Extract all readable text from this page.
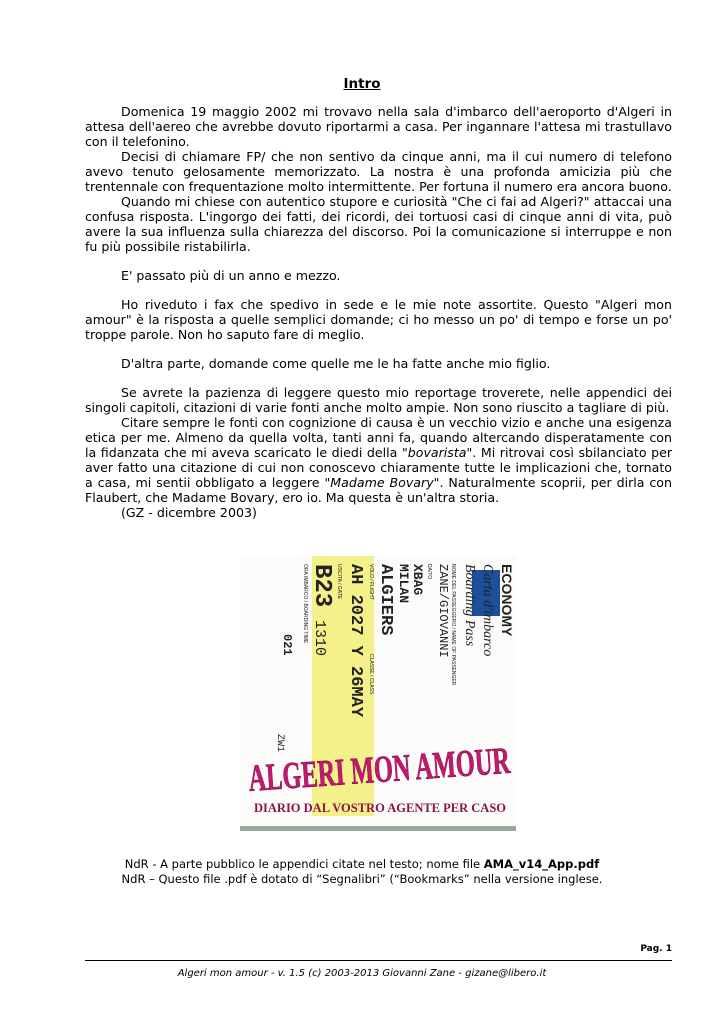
Intro

Domenica 19 maggio 2002 mi trovavo nella sala d'imbarco dell'aeroporto d'Algeri in attesa dell'aereo che avrebbe dovuto riportarmi a casa. Per ingannare l'attesa mi trastullavo con il telefonino.

Decisi di chiamare FP/ che non sentivo da cinque anni, ma il cui numero di telefono avevo tenuto gelosamente memorizzato. La nostra è una profonda amicizia più che trentennale con frequentazione molto intermittente. Per fortuna il numero era ancora buono.

Quando mi chiese con autentico stupore e curiosità "Che ci fai ad Algeri?" attaccai una confusa risposta. L'ingorgo dei fatti, dei ricordi, dei tortuosi casi di cinque anni di vita, può avere la sua influenza sulla chiarezza del discorso. Poi la comunicazione si interruppe e non fu più possibile ristabilirla.

E' passato più di un anno e mezzo.

Ho riveduto i fax che spedivo in sede e le mie note assortite. Questo "Algeri mon amour" è la risposta a quelle semplici domande; ci ho messo un po' di tempo e forse un po' troppe parole. Non ho saputo fare di meglio.

D'altra parte, domande come quelle me le ha fatte anche mio figlio.

Se avrete la pazienza di leggere questo mio reportage troverete, nelle appendici dei singoli capitoli, citazioni di varie fonti anche molto ampie. Non sono riuscito a tagliare di più.

Citare sempre le fonti con cognizione di causa è un vecchio vizio e anche una esigenza etica per me. Almeno da quella volta, tanti anni fa, quando altercando disperatamente con la fidanzata che mi aveva scaricato le diedi della "bovarista". Mi ritrovai così sbilanciato per aver fatto una citazione di cui non conoscevo chiaramente tutte le implicazioni che, tornato a casa, mi sentii obbligato a leggere "Madame Bovary". Naturalmente scoprii, per dirla con Flaubert, che Madame Bovary, ero io. Ma questa è un'altra storia.

(GZ - dicembre 2003)

ECONOMY
Carta d'imbarco
Boarding Pass
NOME DEL PASSEGGERO / NAME OF PASSENGER
ZANE/GIOVANNI
DA/TO
XBAG
MILAN
ALGIERS
VOLO / FLIGHT
CLASSE / CLASS
AH 2027 Y 26MAY
USCITA / GATE
B23
1310
ORA IMBARCO / BOARDING TIME
021
ZW1
ALGERI MON
DIARIO DAL VOSTRO AGENTE PER CASO
NdR - A parte pubblico le appendici citate nel testo; nome file AMA_v14_App.pdf
NdR – Questo file .pdf è dotato di “Segnalibri” (“Bookmarks” nella versione inglese.
Pag. 1
Algeri mon amour - v. 1.5 (c) 2003-2013 Giovanni Zane - gizane@libero.it
